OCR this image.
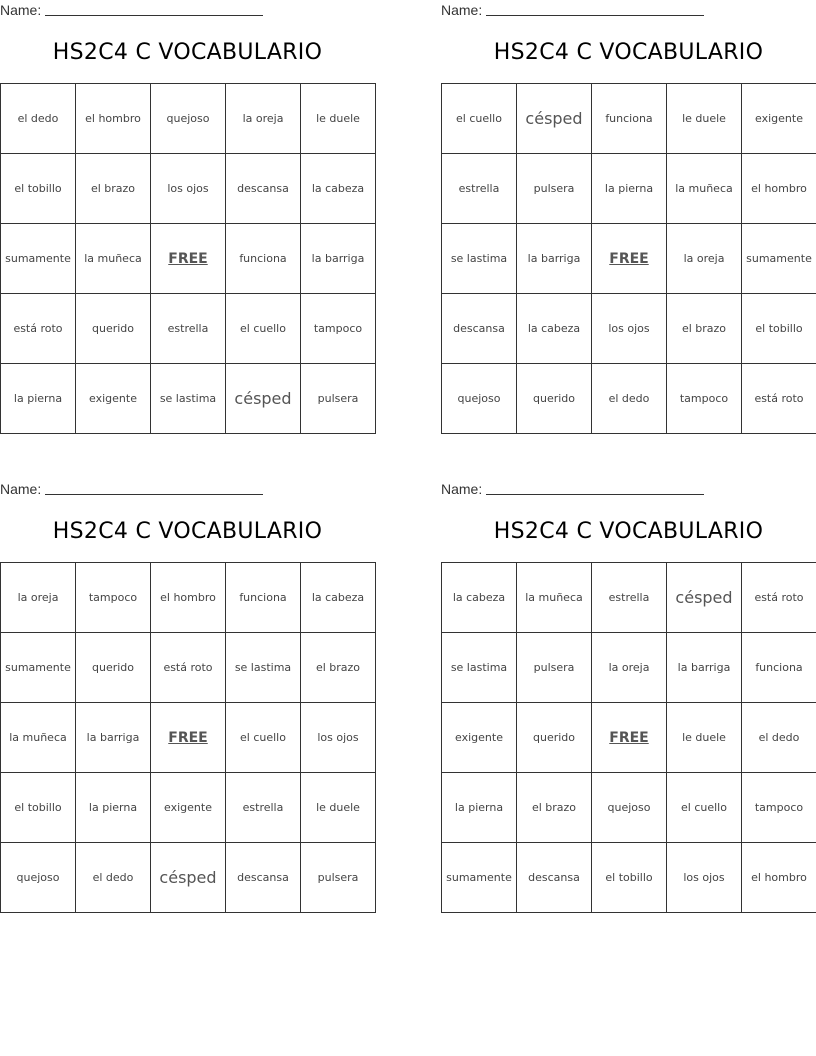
Name:
HS2C4 C VOCABULARIO
el dedo	el hombro	quejoso	la oreja	le duele
el tobillo	el brazo	los ojos	descansa	la cabeza
sumamente	la muñeca	FREE	funciona	la barriga
está roto	querido	estrella	el cuello	tampoco
la pierna	exigente	se lastima	césped	pulsera
Name:
HS2C4 C VOCABULARIO
el cuello	césped	funciona	le duele	exigente
estrella	pulsera	la pierna	la muñeca	el hombro
se lastima	la barriga	FREE	la oreja	sumamente
descansa	la cabeza	los ojos	el brazo	el tobillo
quejoso	querido	el dedo	tampoco	está roto
Name:
HS2C4 C VOCABULARIO
la oreja	tampoco	el hombro	funciona	la cabeza
sumamente	querido	está roto	se lastima	el brazo
la muñeca	la barriga	FREE	el cuello	los ojos
el tobillo	la pierna	exigente	estrella	le duele
quejoso	el dedo	césped	descansa	pulsera
Name:
HS2C4 C VOCABULARIO
la cabeza	la muñeca	estrella	césped	está roto
se lastima	pulsera	la oreja	la barriga	funciona
exigente	querido	FREE	le duele	el dedo
la pierna	el brazo	quejoso	el cuello	tampoco
sumamente	descansa	el tobillo	los ojos	el hombro
